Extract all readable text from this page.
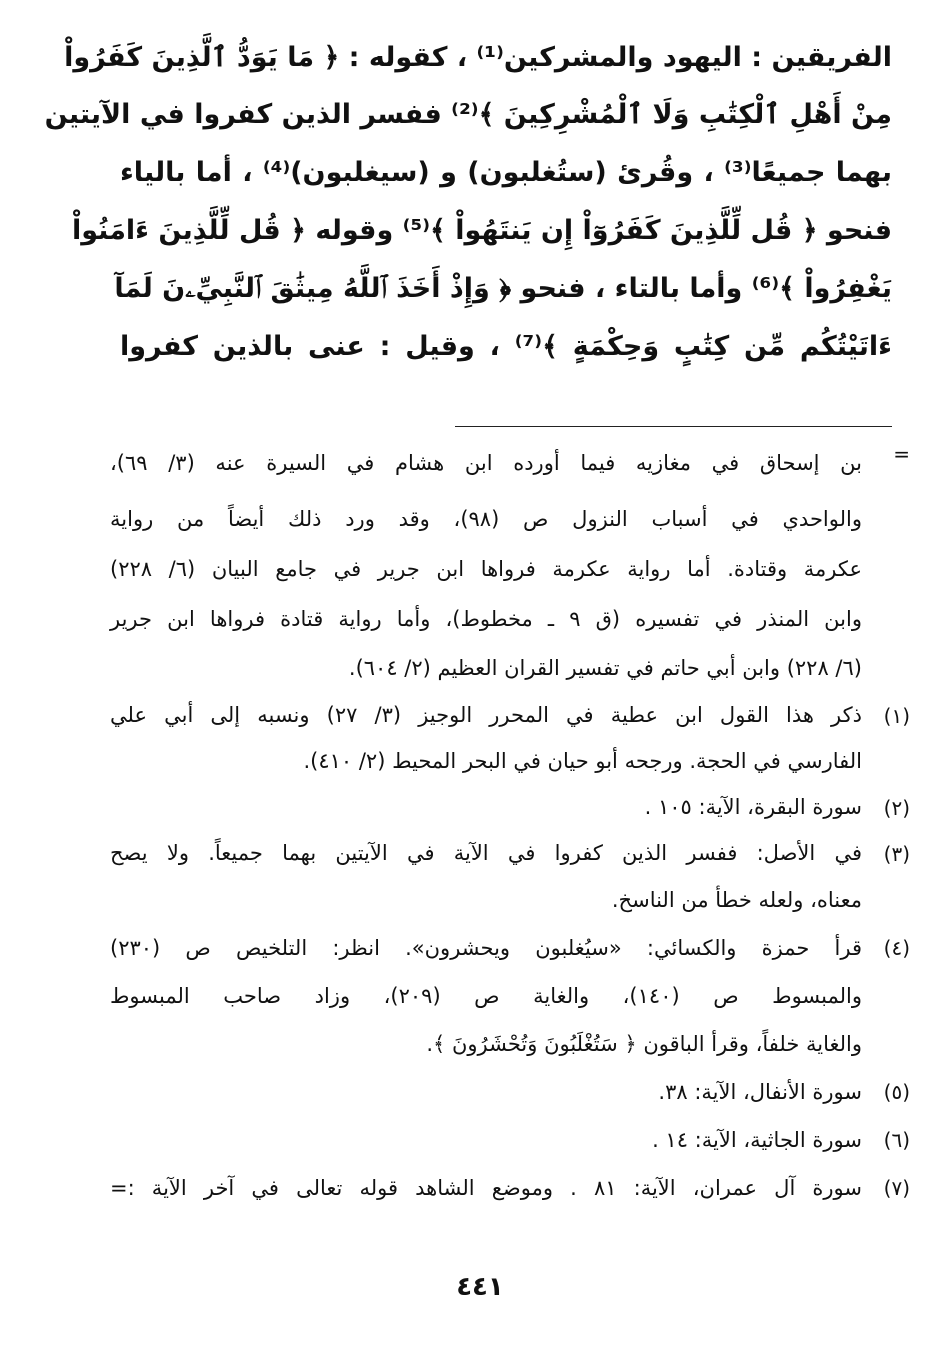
الفريقين : اليهود والمشركين⁽¹⁾ ، كقوله : ﴿ مَا يَوَدُّ ٱلَّذِينَ كَفَرُواْ
مِنْ أَهْلِ ٱلْكِتَٰبِ وَلَا ٱلْمُشْرِكِينَ ﴾⁽²⁾ ففسر الذين كفروا في الآيتين
بهما جميعًا⁽³⁾ ، وقُرئ (ستُغلبون) و (سيغلبون)⁽⁴⁾ ، أما بالياء
فنحو ﴿ قُل لِّلَّذِينَ كَفَرُوٓاْ إِن يَنتَهُواْ ﴾⁽⁵⁾ وقوله ﴿ قُل لِّلَّذِينَ ءَامَنُواْ
يَغْفِرُواْ ﴾⁽⁶⁾ وأما بالتاء ، فنحو ﴿ وَإِذْ أَخَذَ ٱللَّهُ مِيثَٰقَ ٱلنَّبِيِّۦنَ لَمَآ
ءَاتَيْتُكُم مِّن كِتَٰبٍ وَحِكْمَةٍ ﴾⁽⁷⁾ ، وقيل : عنى بالذين كفروا
=
بن إسحاق في مغازيه فيما أورده ابن هشام في السيرة عنه (٣/ ٦٩)،
والواحدي في أسباب النزول ص (٩٨)، وقد ورد ذلك أيضاً من رواية
عكرمة وقتادة. أما رواية عكرمة فرواها ابن جرير في جامع البيان (٦/ ٢٢٨)
وابن المنذر في تفسيره (ق ٩ ـ مخطوط)، وأما رواية قتادة فرواها ابن جرير
(٦/ ٢٢٨) وابن أبي حاتم في تفسير القران العظيم (٢/ ٦٠٤).
(١)
ذكر هذا القول ابن عطية في المحرر الوجيز (٣/ ٢٧) ونسبه إلى أبي علي
الفارسي في الحجة. ورجحه أبو حيان في البحر المحيط (٢/ ٤١٠).
(٢)
سورة البقرة، الآية: ١٠٥ .
(٣)
في الأصل: ففسر الذين كفروا في الآية في الآيتين بهما جميعاً. ولا يصح
معناه، ولعله خطأ من الناسخ.
(٤)
قرأ حمزة والكسائي: «سيُغلبون ويحشرون». انظر: التلخيص ص (٢٣٠)
والمبسوط ص (١٤٠)، والغاية ص (٢٠٩)، وزاد صاحب المبسوط
والغاية خلفاً، وقرأ الباقون ﴿ سَتُغْلَبُونَ وَتُحْشَرُونَ ﴾.
(٥)
سورة الأنفال، الآية: ٣٨.
(٦)
سورة الجاثية، الآية: ١٤ .
(٧)
سورة آل عمران، الآية: ٨١ . وموضع الشاهد قوله تعالى في آخر الآية :=
٤٤١
